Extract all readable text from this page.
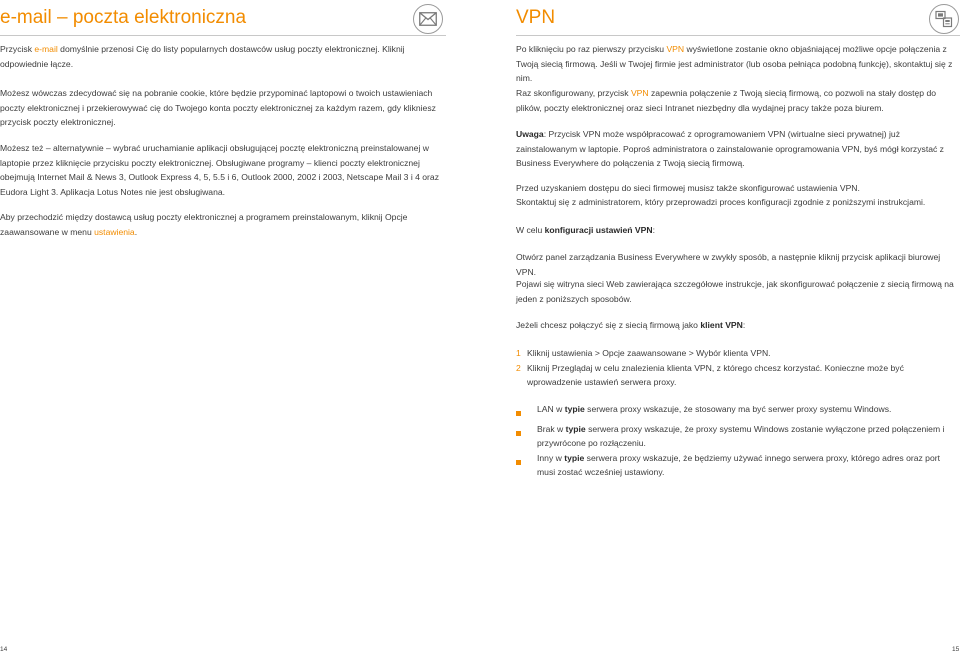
e-mail – poczta elektroniczna

Przycisk e-mail domyślnie przenosi Cię do listy popularnych dostawców usług poczty elektronicznej. Kliknij odpowiednie łącze.

Możesz wówczas zdecydować się na pobranie cookie, które będzie przypominać laptopowi o twoich ustawieniach poczty elektronicznej i przekierowywać cię do Twojego konta poczty elektronicznej za każdym razem, gdy klikniesz przycisk poczty elektronicznej.

Możesz też – alternatywnie – wybrać uruchamianie aplikacji obsługującej pocztę elektroniczną preinstalowanej w laptopie przez kliknięcie przycisku poczty elektronicznej. Obsługiwane programy – klienci poczty elektronicznej obejmują Internet Mail & News 3, Outlook Express 4, 5, 5.5 i 6, Outlook 2000, 2002 i 2003, Netscape Mail 3 i 4 oraz Eudora Light 3. Aplikacja Lotus Notes nie jest obsługiwana.

Aby przechodzić między dostawcą usług poczty elektronicznej a programem preinstalowanym, kliknij Opcje zaawansowane w menu ustawienia.

VPN

Po kliknięciu po raz pierwszy przycisku VPN wyświetlone zostanie okno objaśniającej możliwe opcje połączenia z Twoją siecią firmową. Jeśli w Twojej firmie jest administrator (lub osoba pełniąca podobną funkcję), skontaktuj się z nim.

Raz skonfigurowany, przycisk VPN zapewnia połączenie z Twoją siecią firmową, co pozwoli na stały dostęp do plików, poczty elektronicznej oraz sieci Intranet niezbędny dla wydajnej pracy także poza biurem.

Uwaga: Przycisk VPN może współpracować z oprogramowaniem VPN (wirtualne sieci prywatnej) już zainstalowanym w laptopie. Poproś administratora o zainstalowanie oprogramowania VPN, byś mógł korzystać z Business Everywhere do połączenia z Twoją siecią firmową.

Przed uzyskaniem dostępu do sieci firmowej musisz także skonfigurować ustawienia VPN.

Skontaktuj się z administratorem, który przeprowadzi proces konfiguracji zgodnie z poniższymi instrukcjami.

W celu konfiguracji ustawień VPN:

Otwórz panel zarządzania Business Everywhere w zwykły sposób, a następnie kliknij przycisk aplikacji biurowej VPN.

Pojawi się witryna sieci Web zawierająca szczegółowe instrukcje, jak skonfigurować połączenie z siecią firmową na jeden z poniższych sposobów.

Jeżeli chcesz połączyć się z siecią firmową jako klient VPN:

1 Kliknij ustawienia > Opcje zaawansowane > Wybór klienta VPN.
2 Kliknij Przeglądaj w celu znalezienia klienta VPN, z którego chcesz korzystać. Konieczne może być wprowadzenie ustawień serwera proxy.
LAN w typie serwera proxy wskazuje, że stosowany ma być serwer proxy systemu Windows.
Brak w typie serwera proxy wskazuje, że proxy systemu Windows zostanie wyłączone przed połączeniem i przywrócone po rozłączeniu.
Inny w typie serwera proxy wskazuje, że będziemy używać innego serwera proxy, którego adres oraz port musi zostać wcześniej ustawiony.
14	15
